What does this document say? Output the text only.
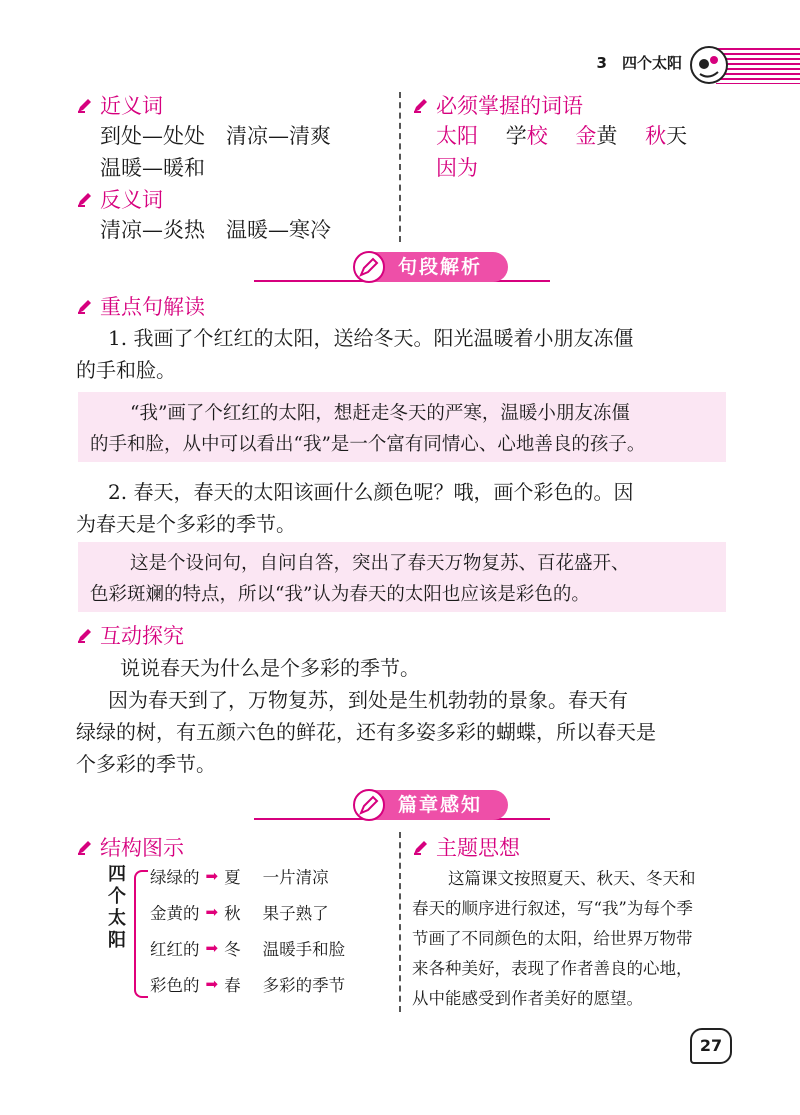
3　四个太阳
近义词
到处—处处　清凉—清爽
温暖—暖和
反义词
清凉—炎热　温暖—寒冷
必须掌握的词语
太阳　 学校　 金黄　 秋天
因为
句段解析
重点句解读
1. 我画了个红红的太阳，送给冬天。阳光温暖着小朋友冻僵
的手和脸。
“我”画了个红红的太阳，想赶走冬天的严寒，温暖小朋友冻僵
的手和脸，从中可以看出“我”是一个富有同情心、心地善良的孩子。
2. 春天，春天的太阳该画什么颜色呢？哦，画个彩色的。因
为春天是个多彩的季节。
这是个设问句，自问自答，突出了春天万物复苏、百花盛开、
色彩斑斓的特点，所以“我”认为春天的太阳也应该是彩色的。
互动探究
说说春天为什么是个多彩的季节。
因为春天到了，万物复苏，到处是生机勃勃的景象。春天有
绿绿的树，有五颜六色的鲜花，还有多姿多彩的蝴蝶，所以春天是
个多彩的季节。
篇章感知
结构图示
四个太阳
绿绿的 ➡ 夏 一片清凉
金黄的 ➡ 秋 果子熟了
红红的 ➡ 冬 温暖手和脸
彩色的 ➡ 春 多彩的季节
主题思想
这篇课文按照夏天、秋天、冬天和
春天的顺序进行叙述，写“我”为每个季
节画了不同颜色的太阳，给世界万物带
来各种美好，表现了作者善良的心地，
从中能感受到作者美好的愿望。
27
